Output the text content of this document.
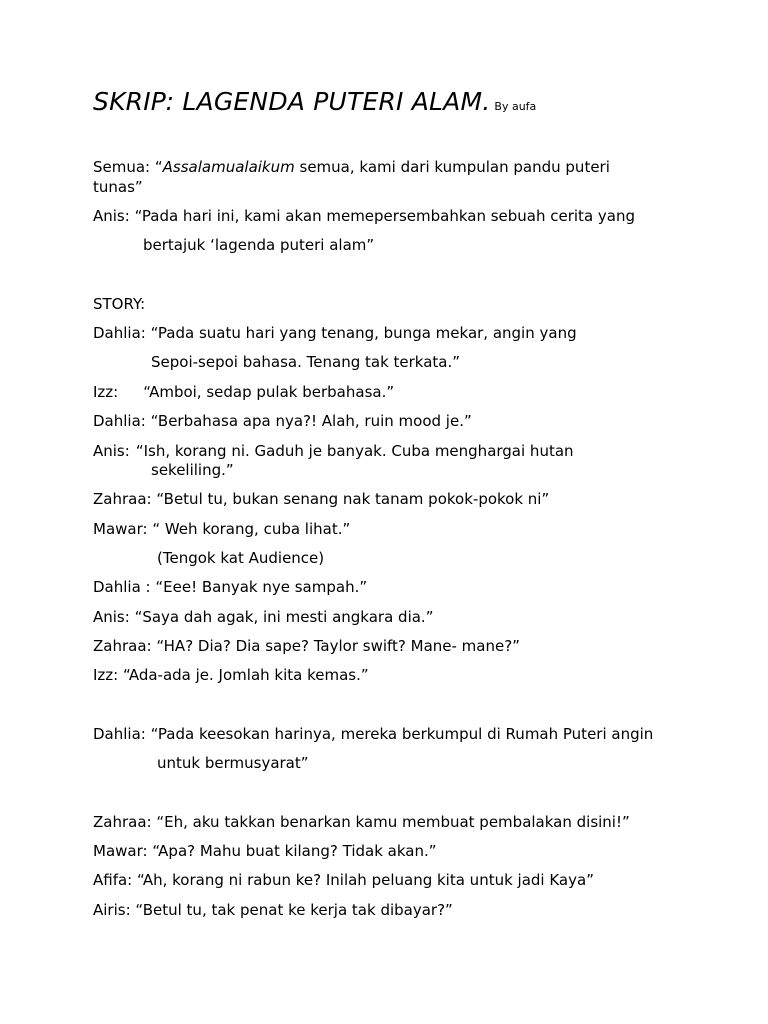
SKRIP: LAGENDA PUTERI ALAM. By aufa
Semua: “Assalamualaikum semua, kami dari kumpulan pandu puteri
tunas”
Anis: “Pada hari ini, kami akan memepersembahkan sebuah cerita yang
bertajuk ‘lagenda puteri alam”
STORY:
Dahlia: “Pada suatu hari yang tenang, bunga mekar, angin yang
Sepoi-sepoi bahasa. Tenang tak terkata.”
Izz: “Amboi, sedap pulak berbahasa.”
Dahlia: “Berbahasa apa nya?! Alah, ruin mood je.”
Anis: “Ish, korang ni. Gaduh je banyak. Cuba menghargai hutan
sekeliling.”
Zahraa: “Betul tu, bukan senang nak tanam pokok-pokok ni”
Mawar: “ Weh korang, cuba lihat.”
(Tengok kat Audience)
Dahlia : “Eee! Banyak nye sampah.”
Anis: “Saya dah agak, ini mesti angkara dia.”
Zahraa: “HA? Dia? Dia sape? Taylor swift? Mane- mane?”
Izz: “Ada-ada je. Jomlah kita kemas.”
Dahlia: “Pada keesokan harinya, mereka berkumpul di Rumah Puteri angin
untuk bermusyarat”
Zahraa: “Eh, aku takkan benarkan kamu membuat pembalakan disini!”
Mawar: “Apa? Mahu buat kilang? Tidak akan.”
Afifa: “Ah, korang ni rabun ke? Inilah peluang kita untuk jadi Kaya”
Airis: “Betul tu, tak penat ke kerja tak dibayar?”
